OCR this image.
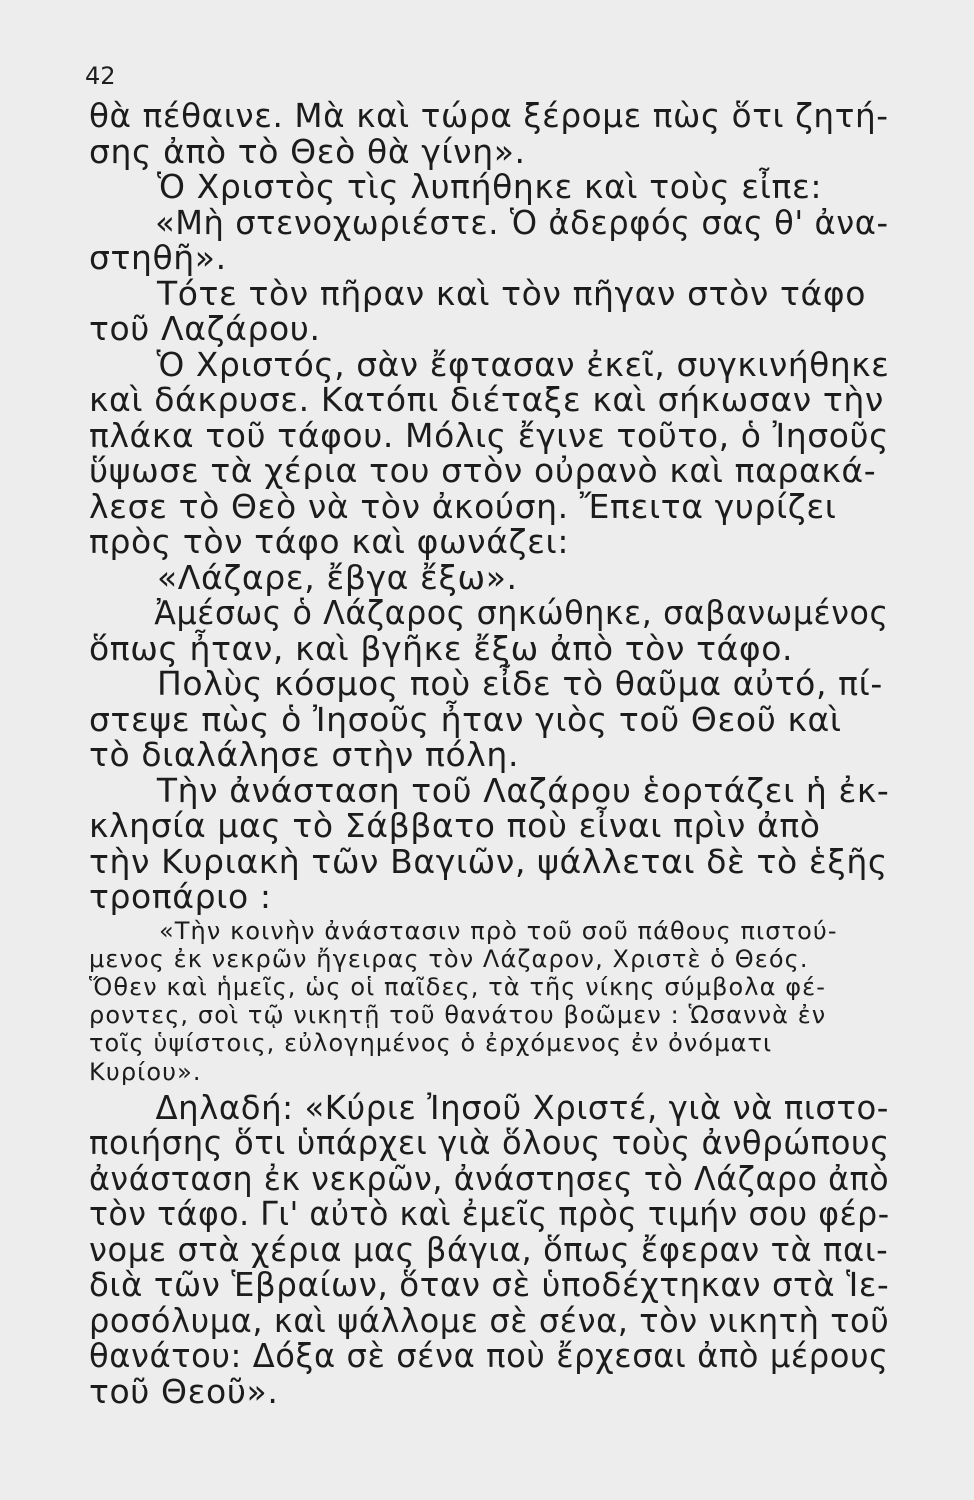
42
θὰ πέθαινε. Μὰ καὶ τώρα ξέρομε πὼς ὅτι ζητή-
σης ἀπὸ τὸ Θεὸ θὰ γίνη».
Ὁ Χριστὸς τὶς λυπήθηκε καὶ τοὺς εἶπε:
«Μὴ στενοχωριέστε. Ὁ ἀδερφός σας θ' ἀνα-
στηθῆ».
Τότε τὸν πῆραν καὶ τὸν πῆγαν στὸν τάφο
τοῦ Λαζάρου.
Ὁ Χριστός, σὰν ἔφτασαν ἐκεῖ, συγκινήθηκε
καὶ δάκρυσε. Κατόπι διέταξε καὶ σήκωσαν τὴν
πλάκα τοῦ τάφου. Μόλις ἔγινε τοῦτο, ὁ Ἰησοῦς
ὕψωσε τὰ χέρια του στὸν οὐρανὸ καὶ παρακά-
λεσε τὸ Θεὸ νὰ τὸν ἀκούση. Ἔπειτα γυρίζει
πρὸς τὸν τάφο καὶ φωνάζει:
«Λάζαρε, ἔβγα ἔξω».
Ἀμέσως ὁ Λάζαρος σηκώθηκε, σαβανωμένος
ὅπως ἦταν, καὶ βγῆκε ἔξω ἀπὸ τὸν τάφο.
Πολὺς κόσμος ποὺ εἶδε τὸ θαῦμα αὐτό, πί-
στεψε πὼς ὁ Ἰησοῦς ἦταν γιὸς τοῦ Θεοῦ καὶ
τὸ διαλάλησε στὴν πόλη.
Τὴν ἀνάσταση τοῦ Λαζάρου ἑορτάζει ἡ ἐκ-
κλησία μας τὸ Σάββατο ποὺ εἶναι πρὶν ἀπὸ
τὴν Κυριακὴ τῶν Βαγιῶν, ψάλλεται δὲ τὸ ἑξῆς
τροπάριο :
«Τὴν κοινὴν ἀνάστασιν πρὸ τοῦ σοῦ πάθους πιστού-
μενος ἐκ νεκρῶν ἤγειρας τὸν Λάζαρον, Χριστὲ ὁ Θεός.
Ὅθεν καὶ ἡμεῖς, ὡς οἱ παῖδες, τὰ τῆς νίκης σύμβολα φέ-
ροντες, σοὶ τῷ νικητῇ τοῦ θανάτου βοῶμεν : Ὡσαννὰ ἐν
τοῖς ὑψίστοις, εὐλογημένος ὁ ἐρχόμενος ἐν ὀνόματι
Κυρίου».
Δηλαδή: «Κύριε Ἰησοῦ Χριστέ, γιὰ νὰ πιστο-
ποιήσης ὅτι ὑπάρχει γιὰ ὅλους τοὺς ἀνθρώπους
ἀνάσταση ἐκ νεκρῶν, ἀνάστησες τὸ Λάζαρο ἀπὸ
τὸν τάφο. Γι' αὐτὸ καὶ ἐμεῖς πρὸς τιμήν σου φέρ-
νομε στὰ χέρια μας βάγια, ὅπως ἔφεραν τὰ παι-
διὰ τῶν Ἑβραίων, ὅταν σὲ ὑποδέχτηκαν στὰ Ἱε-
ροσόλυμα, καὶ ψάλλομε σὲ σένα, τὸν νικητὴ τοῦ
θανάτου: Δόξα σὲ σένα ποὺ ἔρχεσαι ἀπὸ μέρους
τοῦ Θεοῦ».
